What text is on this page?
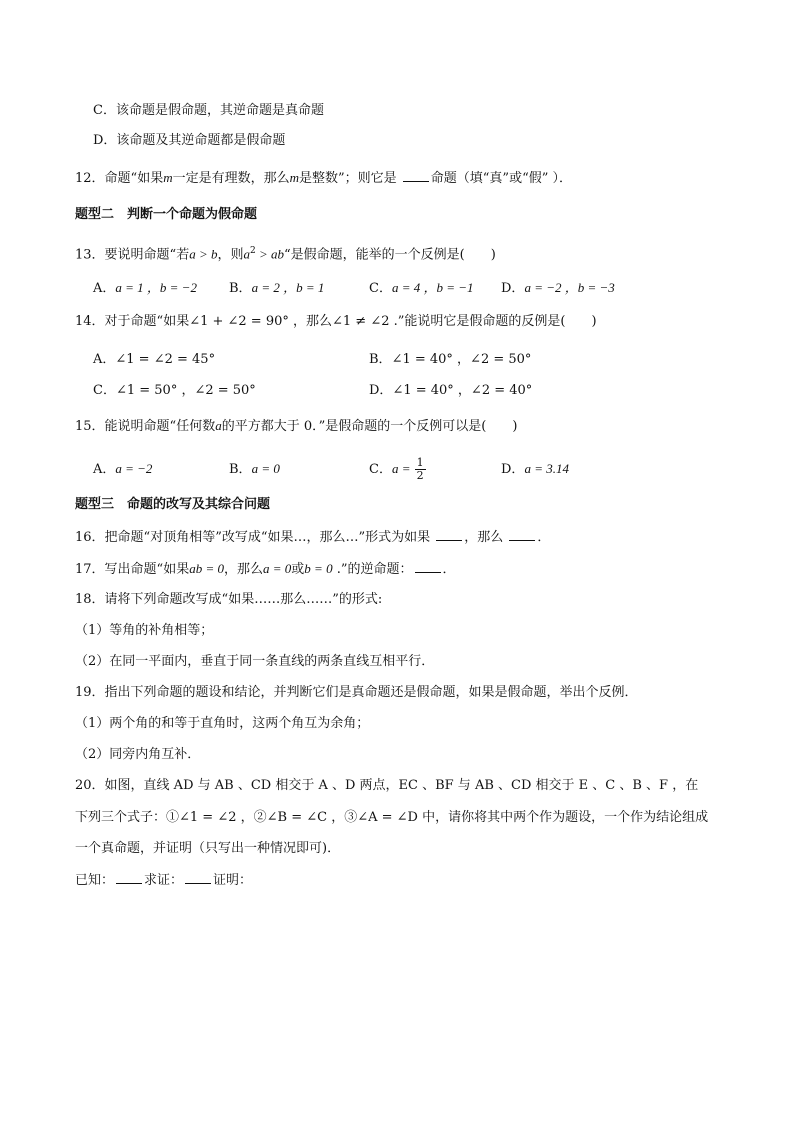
C．该命题是假命题，其逆命题是真命题
D．该命题及其逆命题都是假命题
12．命题“如果m一定是有理数，那么m是整数”；则它是 命题（填“真”或“假” ）．
题型二　判断一个命题为假命题
13．要说明命题“若a > b，则$a^2$ > ab“是假命题，能举的一个反例是(　　)
A．a = 1 ，b = −2 B．a = 2 ，b = 1	C．a = 4 ，b = −1 D．a = −2 ，b = −3
14．对于命题“如果∠1 + ∠2 = 90° ，那么∠1 ≠ ∠2 .”能说明它是假命题的反例是(　　)
A．∠1 = ∠2 = 45°	B．∠1 = 40° ，∠2 = 50°
C．∠1 = 50° ，∠2 = 50°	D．∠1 = 40° ，∠2 = 40°
15．能说明命题“任何数a的平方都大于 0．”是假命题的一个反例可以是(　　)
A．a = −2	B．a = 0	C．$a = \frac{1}{2}$	D．a = 3.14
题型三　命题的改写及其综合问题
16．把命题“对顶角相等”改写成“如果…，那么…”形式为如果 ，那么 ．
17．写出命题“如果ab = 0，那么a = 0或b = 0 .”的逆命题： ．
18．请将下列命题改写成“如果……那么……”的形式:
（1）等角的补角相等；
（2）在同一平面内，垂直于同一条直线的两条直线互相平行．
19．指出下列命题的题设和结论，并判断它们是真命题还是假命题，如果是假命题，举出个反例．
（1）两个角的和等于直角时，这两个角互为余角；
（2）同旁内角互补．
20．如图，直线 AD 与 AB 、CD 相交于 A 、D 两点，EC 、BF 与 AB 、CD 相交于 E 、C 、B 、F ，在
下列三个式子：①∠1 = ∠2 ，②∠B = ∠C ，③∠A = ∠D 中，请你将其中两个作为题设，一个作为结论组成
一个真命题，并证明（只写出一种情况即可)．
已知： 求证： 证明：
